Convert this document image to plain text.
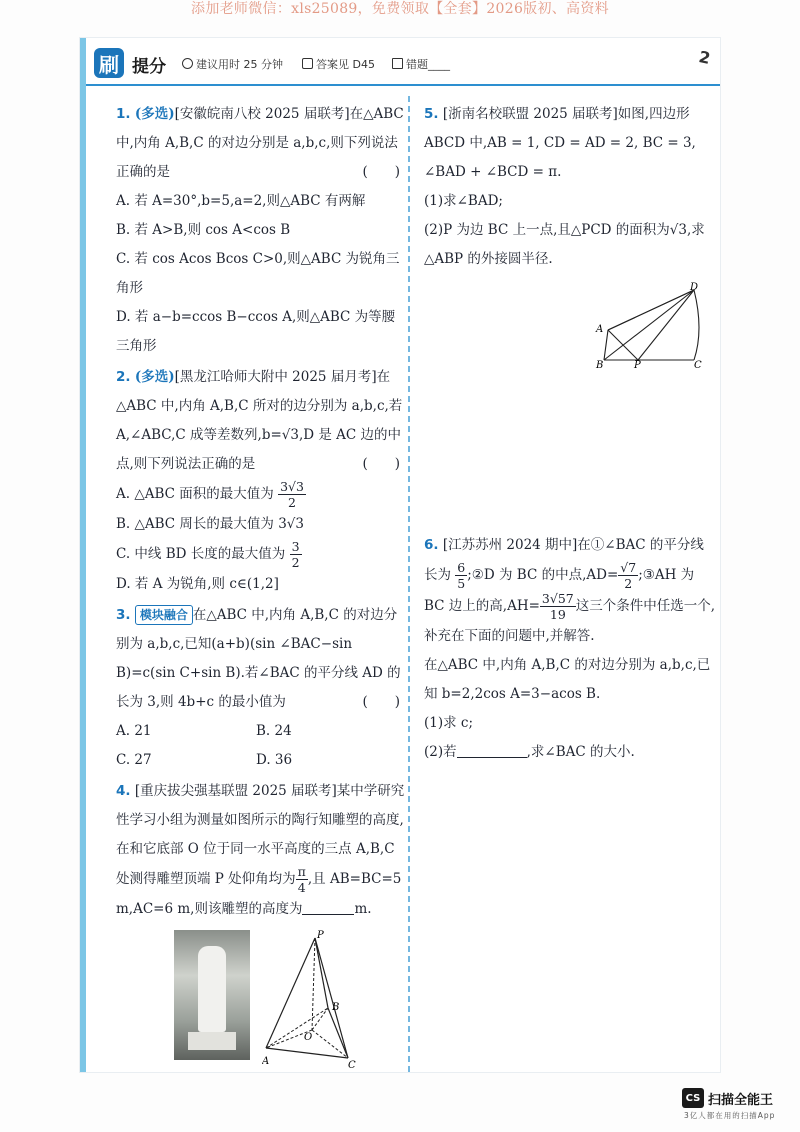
添加老师微信：xls25089，免费领取【全套】2026版初、高资料
刷 提分	建议用时 25 分钟	答案见 D45	错题____	2
1. (多选)[安徽皖南八校 2025 届联考]在△ABC 中,内角 A,B,C 的对边分别是 a,b,c,则下列说法正确的是	(　　)
A. 若 A=30°,b=5,a=2,则△ABC 有两解
B. 若 A>B,则 cos A<cos B
C. 若 cos Acos Bcos C>0,则△ABC 为锐角三角形
D. 若 a−b=ccos B−ccos A,则△ABC 为等腰三角形
2. (多选)[黑龙江哈师大附中 2025 届月考]在△ABC 中,内角 A,B,C 所对的边分别为 a,b,c,若 A,∠ABC,C 成等差数列,b=√3,D 是 AC 边的中点,则下列说法正确的是	(　　)
A. △ABC 面积的最大值为 $\frac{3√3}{2}$
B. △ABC 周长的最大值为 3√3
C. 中线 BD 长度的最大值为 $\frac{3}{2}$
D. 若 A 为锐角,则 c∈(1,2]
3. 模块融合 在△ABC 中,内角 A,B,C 的对边分别为 a,b,c,已知(a+b)(sin ∠BAC−sin B)=c(sin C+sin B).若∠BAC 的平分线 AD 的长为 3,则 4b+c 的最小值为	(　　)
A. 21	B. 24
C. 27	D. 36
4. [重庆拔尖强基联盟 2025 届联考]某中学研究性学习小组为测量如图所示的陶行知雕塑的高度,在和它底部 O 位于同一水平高度的三点 A,B,C 处测得雕塑顶端 P 处仰角均为 $\frac{\pi}{4}$ ,且 AB=BC=5 m,AC=6 m,则该雕塑的高度为	m.
P
B
O
A	C
5. [浙南名校联盟 2025 届联考]如图,四边形 ABCD 中,AB = 1, CD = AD = 2, BC = 3, ∠BAD + ∠BCD = π.
(1)求∠BAD;
(2)P 为边 BC 上一点,且△PCD 的面积为√3,求△ABP 的外接圆半径.
A
B	P	C
D
6. [江苏苏州 2024 期中]在①∠BAC 的平分线长为 $\frac{6}{5}$ ;②D 为 BC 的中点$,AD= \frac{√7}{2}$ ;③AH 为 BC 边上的高$,AH= \frac{3√57}{19}$ 这三个条件中任选一个,补充在下面的问题中,并解答.
在△ABC 中,内角 A,B,C 的对边分别为 a,b,c,已知 b=2,2cos A=3−acos B.
(1)求 c;
(2)若	,求∠BAC 的大小.
CS 扫描全能王
3亿人都在用的扫描App
